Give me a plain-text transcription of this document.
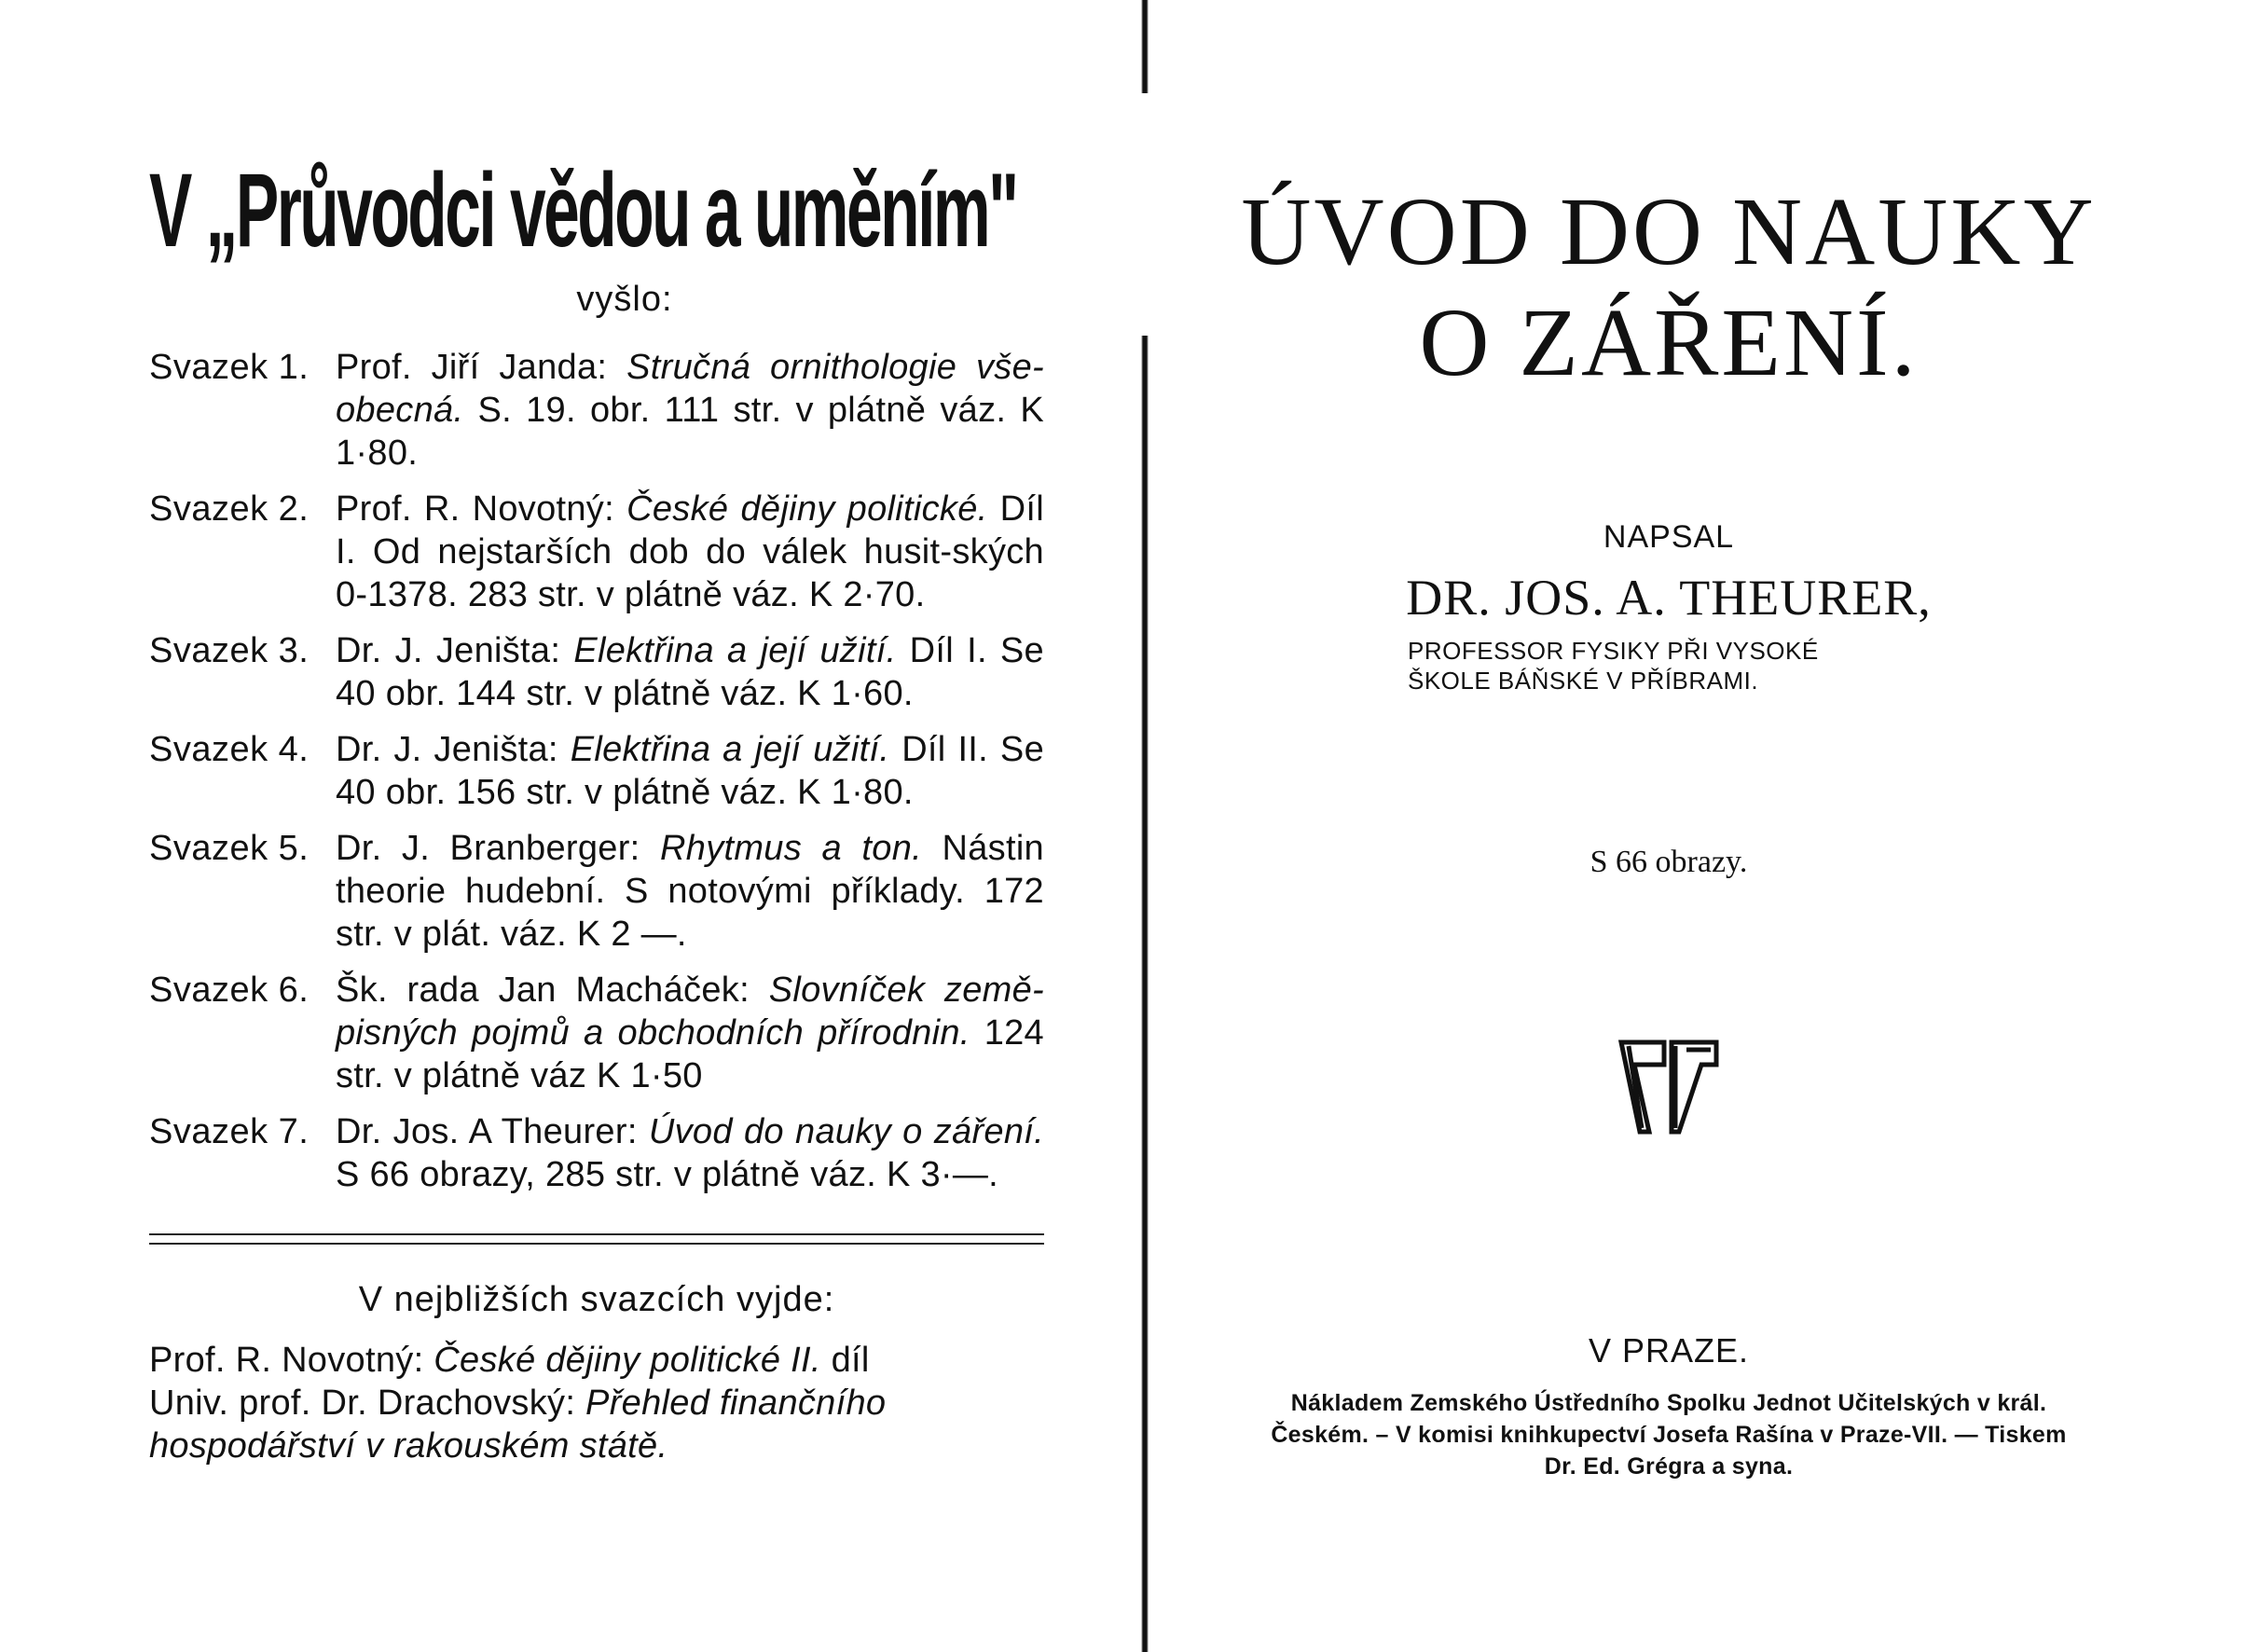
V „Průvodci vědou a uměním"
vyšlo:
Svazek 1. Prof. Jiří Janda: Stručná ornithologie vše-obecná. S. 19. obr. 111 str. v plátně váz. K 1·80.
Svazek 2. Prof. R. Novotný: České dějiny politické. Díl I. Od nejstarších dob do válek husit-ských 0-1378. 283 str. v plátně váz. K 2·70.
Svazek 3. Dr. J. Jeništa: Elektřina a její užití. Díl I. Se 40 obr. 144 str. v plátně váz. K 1·60.
Svazek 4. Dr. J. Jeništa: Elektřina a její užití. Díl II. Se 40 obr. 156 str. v plátně váz. K 1·80.
Svazek 5. Dr. J. Branberger: Rhytmus a ton. Nástin theorie hudební. S notovými příklady. 172 str. v plát. váz. K 2 —.
Svazek 6. Šk. rada Jan Macháček: Slovníček země-pisných pojmů a obchodních přírodnin. 124 str. v plátně váz K 1·50
Svazek 7. Dr. Jos. A Theurer: Úvod do nauky o záření. S 66 obrazy, 285 str. v plátně váz. K 3·—.
V nejbližších svazcích vyjde:
Prof. R. Novotný: České dějiny politické II. díl
Univ. prof. Dr. Drachovský: Přehled finančního hospodářství v rakouském státě.
ÚVOD DO NAUKY
O ZÁŘENÍ.
NAPSAL
DR. JOS. A. THEURER,
PROFESSOR FYSIKY PŘI VYSOKÉ
ŠKOLE BÁŇSKÉ V PŘÍBRAMI.
S 66 obrazy.
V PRAZE.
Nákladem Zemského Ústředního Spolku Jednot Učitelských v král.
Českém. – V komisi knihkupectví Josefa Rašína v Praze-VII. — Tiskem
Dr. Ed. Grégra a syna.
